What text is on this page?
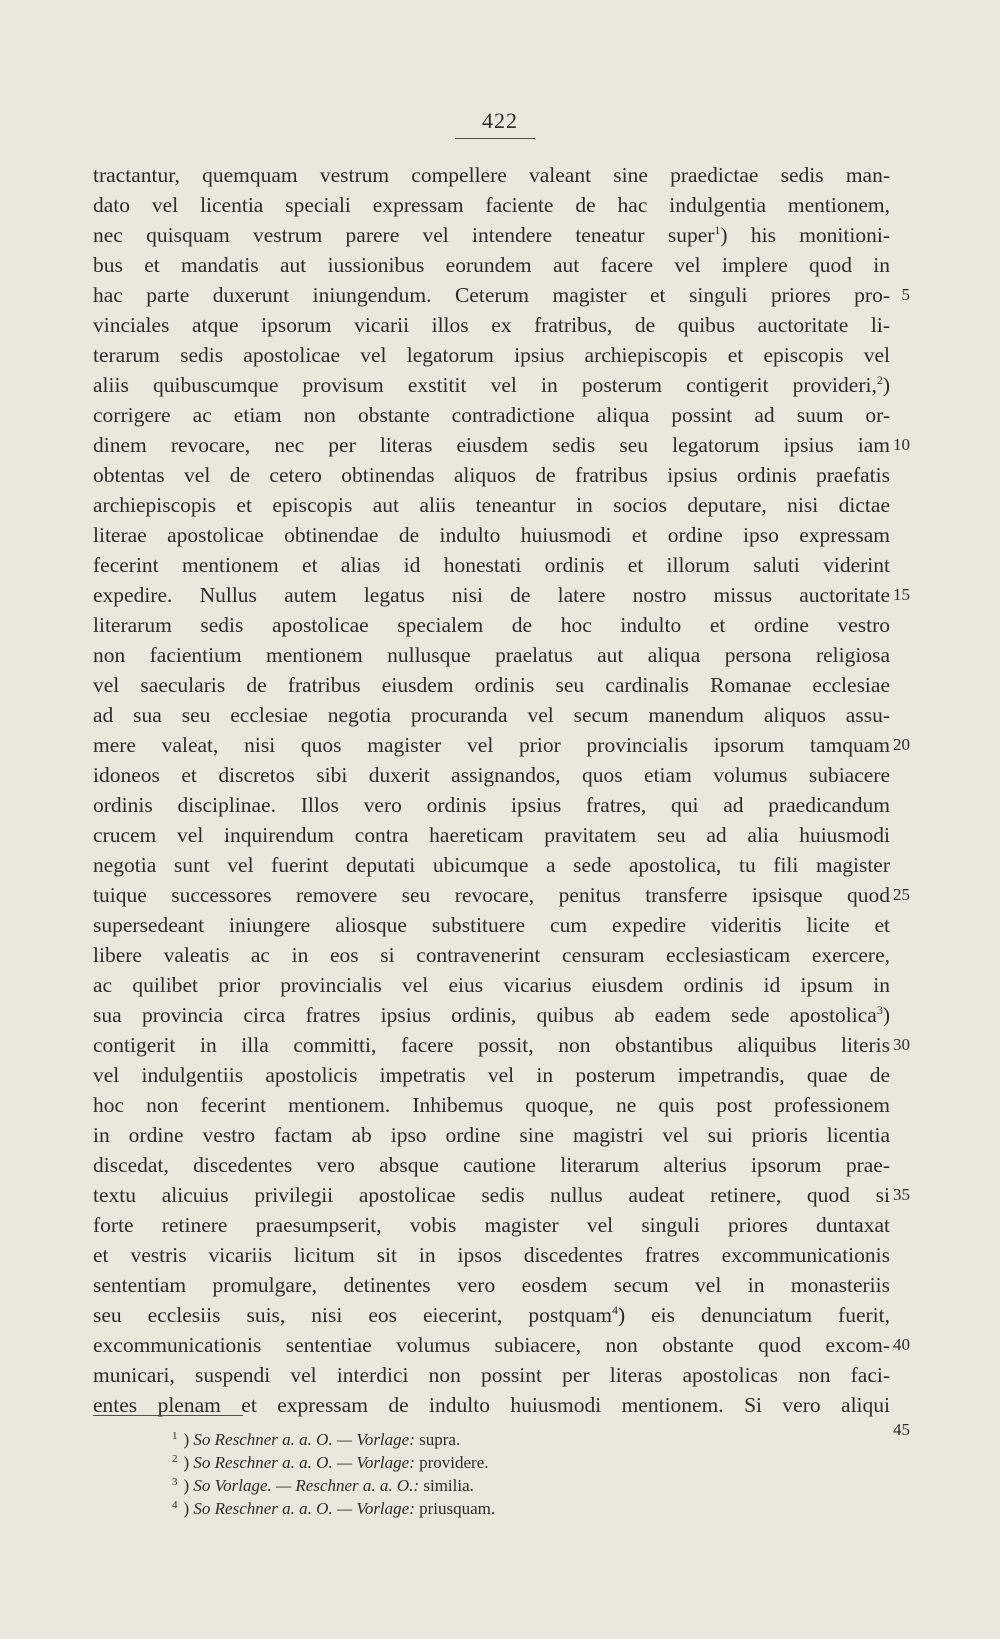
422
tractantur, quemquam vestrum compellere valeant sine praedictae sedis man-
dato vel licentia speciali expressam faciente de hac indulgentia mentionem,
nec quisquam vestrum parere vel intendere teneatur super$^1$) his monitioni-
bus et mandatis aut iussionibus eorundem aut facere vel implere quod in
hac parte duxerunt iniungendum. Ceterum magister et singuli priores pro-
vinciales atque ipsorum vicarii illos ex fratribus, de quibus auctoritate li-
terarum sedis apostolicae vel legatorum ipsius archiepiscopis et episcopis vel
aliis quibuscumque provisum exstitit vel in posterum contigerit provideri,$^2$)
corrigere ac etiam non obstante contradictione aliqua possint ad suum or-
dinem revocare, nec per literas eiusdem sedis seu legatorum ipsius iam
obtentas vel de cetero obtinendas aliquos de fratribus ipsius ordinis praefatis
archiepiscopis et episcopis aut aliis teneantur in socios deputare, nisi dictae
literae apostolicae obtinendae de indulto huiusmodi et ordine ipso expressam
fecerint mentionem et alias id honestati ordinis et illorum saluti viderint
expedire. Nullus autem legatus nisi de latere nostro missus auctoritate
literarum sedis apostolicae specialem de hoc indulto et ordine vestro
non facientium mentionem nullusque praelatus aut aliqua persona religiosa
vel saecularis de fratribus eiusdem ordinis seu cardinalis Romanae ecclesiae
ad sua seu ecclesiae negotia procuranda vel secum manendum aliquos assu-
mere valeat, nisi quos magister vel prior provincialis ipsorum tamquam
idoneos et discretos sibi duxerit assignandos, quos etiam volumus subiacere
ordinis disciplinae. Illos vero ordinis ipsius fratres, qui ad praedicandum
crucem vel inquirendum contra haereticam pravitatem seu ad alia huiusmodi
negotia sunt vel fuerint deputati ubicumque a sede apostolica, tu fili magister
tuique successores removere seu revocare, penitus transferre ipsisque quod
supersedeant iniungere aliosque substituere cum expedire videritis licite et
libere valeatis ac in eos si contravenerint censuram ecclesiasticam exercere,
ac quilibet prior provincialis vel eius vicarius eiusdem ordinis id ipsum in
sua provincia circa fratres ipsius ordinis, quibus ab eadem sede apostolica$^3$)
contigerit in illa committi, facere possit, non obstantibus aliquibus literis
vel indulgentiis apostolicis impetratis vel in posterum impetrandis, quae de
hoc non fecerint mentionem. Inhibemus quoque, ne quis post professionem
in ordine vestro factam ab ipso ordine sine magistri vel sui prioris licentia
discedat, discedentes vero absque cautione literarum alterius ipsorum prae-
textu alicuius privilegii apostolicae sedis nullus audeat retinere, quod si
forte retinere praesumpserit, vobis magister vel singuli priores duntaxat
et vestris vicariis licitum sit in ipsos discedentes fratres excommunicationis
sententiam promulgare, detinentes vero eosdem secum vel in monasteriis
seu ecclesiis suis, nisi eos eiecerint, postquam$^4$) eis denunciatum fuerit,
excommunicationis sententiae volumus subiacere, non obstante quod excom-
municari, suspendi vel interdici non possint per literas apostolicas non faci-
entes plenam et expressam de indulto huiusmodi mentionem. Si vero aliqui
5
10
15
20
25
30
35
40
$^1$ ) So Reschner a. a. O. — Vorlage: supra.
$^2$ ) So Reschner a. a. O. — Vorlage: providere.
$^3$ ) So Vorlage. — Reschner a. a. O.: similia.
$^4$ ) So Reschner a. a. O. — Vorlage: priusquam.
45
